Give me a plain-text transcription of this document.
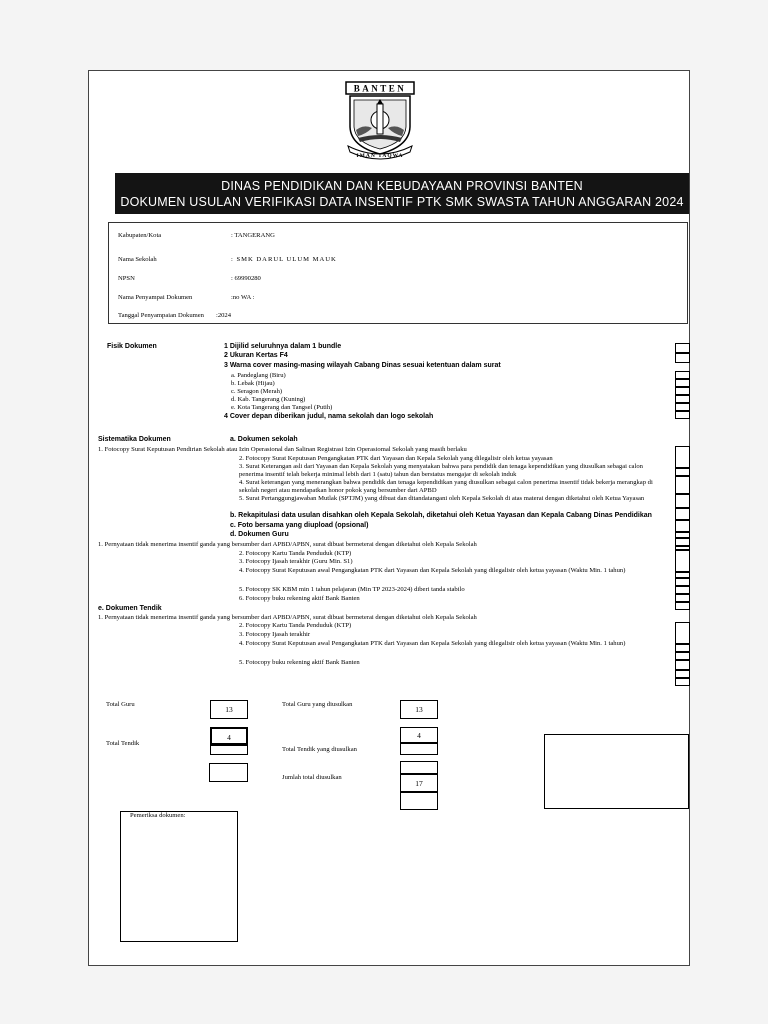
BANTEN
IMAN TAQWA
DINAS PENDIDIKAN DAN KEBUDAYAAN PROVINSI BANTEN
DOKUMEN USULAN VERIFIKASI DATA INSENTIF PTK SMK SWASTA TAHUN ANGGARAN 2024
Kabupaten/Kota	: TANGERANG
Nama Sekolah	: SMK DARUL ULUM MAUK
NPSN	: 69990280
Nama Penyampai Dokumen	:no WA :
Tanggal Penyampaian Dokumen :2024
Fisik Dokumen	1 Dijilid seluruhnya dalam 1 bundle
2 Ukuran Kertas F4
3 Warna cover masing-masing wilayah Cabang Dinas sesuai ketentuan dalam surat
a. Pandeglang (Biru)
b. Lebak (Hijau)
c. Seragon (Merah)
d. Kab. Tangerang (Kuning)
e. Kota Tangerang dan Tangsel (Putih)
4 Cover depan diberikan judul, nama sekolah dan logo sekolah
Sistematika Dokumen	a. Dokumen sekolah
1. Fotocopy Surat Keputusan Pendirian Sekolah atau Izin Operasional dan Salinan Registrasi Izin Operasiomal Sekolah yang masih berlaku
2. Fotocopy Surat Keputusan Pengangkatan PTK dari Yayasan dan Kepala Sekolah yang dilegalisir oleh ketua yayasan
3. Surat Keterangan asli dari Yayasan dan Kepala Sekolah yang menyatakan bahwa para pendidik dan tenaga kependidikan yang diusulkan sebagai calon penerima insentif telah bekerja minimal lebih dari 1 (satu) tahun dan berstatus mengajar di sekolah induk
4. Surat keterangan yang menerangkan bahwa pendidik dan tenaga kependidikan yang diusulkan sebagai calon penerima insentif tidak bekerja merangkap di sekolah negeri atau mendapatkan honor pokok yang bersumber dari APBD
5. Surat Pertanggungjawaban Mutlak (SPTJM) yang dibuat dan ditandatangani oleh Kepala Sekolah di atas materai dengan diketahui oleh Ketua Yayasan
b. Rekapitulasi data usulan disahkan oleh Kepala Sekolah, diketahui oleh Ketua Yayasan dan Kepala Cabang Dinas Pendidikan
c. Foto bersama yang diupload (opsional)
d. Dokumen Guru
1. Pernyataan tidak menerima insentif ganda yang bersumber dari APBD/APBN, surat dibuat bermeterai dengan diketahui oleh Kepala Sekolah
2. Fotocopy Kartu Tanda Penduduk (KTP)
3. Fotocopy Ijasah terakhir (Guru Min. S1)
4. Fotocopy Surat Keputusan awal Pengangkatan PTK dari Yayasan dan Kepala Sekolah yang dilegalisir oleh ketua yayasan (Waktu Min. 1 tahun)
5. Fotocopy SK KBM min 1 tahun pelajaran (Min TP 2023-2024) diberi tanda stabilo
6. Fotocopy buku rekening aktif Bank Banten
e. Dokumen Tendik
1. Pernyataan tidak menerima insentif ganda yang bersumber dari APBD/APBN, surat dibuat bermeterai dengan diketahui oleh Kepala Sekolah
2. Fotocopy Kartu Tanda Penduduk (KTP)
3. Fotocopy Ijasah terakhir
4. Fotocopy Surat Keputusan awal Pengangkatan PTK dari Yayasan dan Kepala Sekolah yang dilegalisir oleh ketua yayasan (Waktu Min. 1 tahun)
5. Fotocopy buku rekening aktif Bank Banten
Total Guru
13
Total Guru yang diusulkan
13
Total Tendik
4
Total Tendik yang diusulkan
4
Jumlah total diusulkan
17
Pemeriksa dokumen:
